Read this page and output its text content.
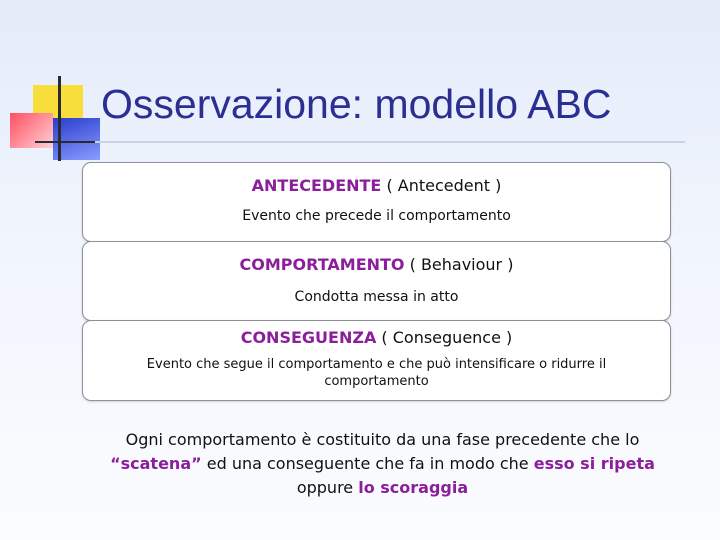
Osservazione: modello ABC
ANTECEDENTE ( Antecedent )
Evento che precede il comportamento
COMPORTAMENTO ( Behaviour )
Condotta messa in atto
CONSEGUENZA ( Conseguence )
Evento che segue il comportamento e che può intensificare o ridurre il comportamento
Ogni comportamento è costituito da una fase precedente che lo “scatena” ed una conseguente che fa in modo che esso si ripeta oppure lo scoraggia
